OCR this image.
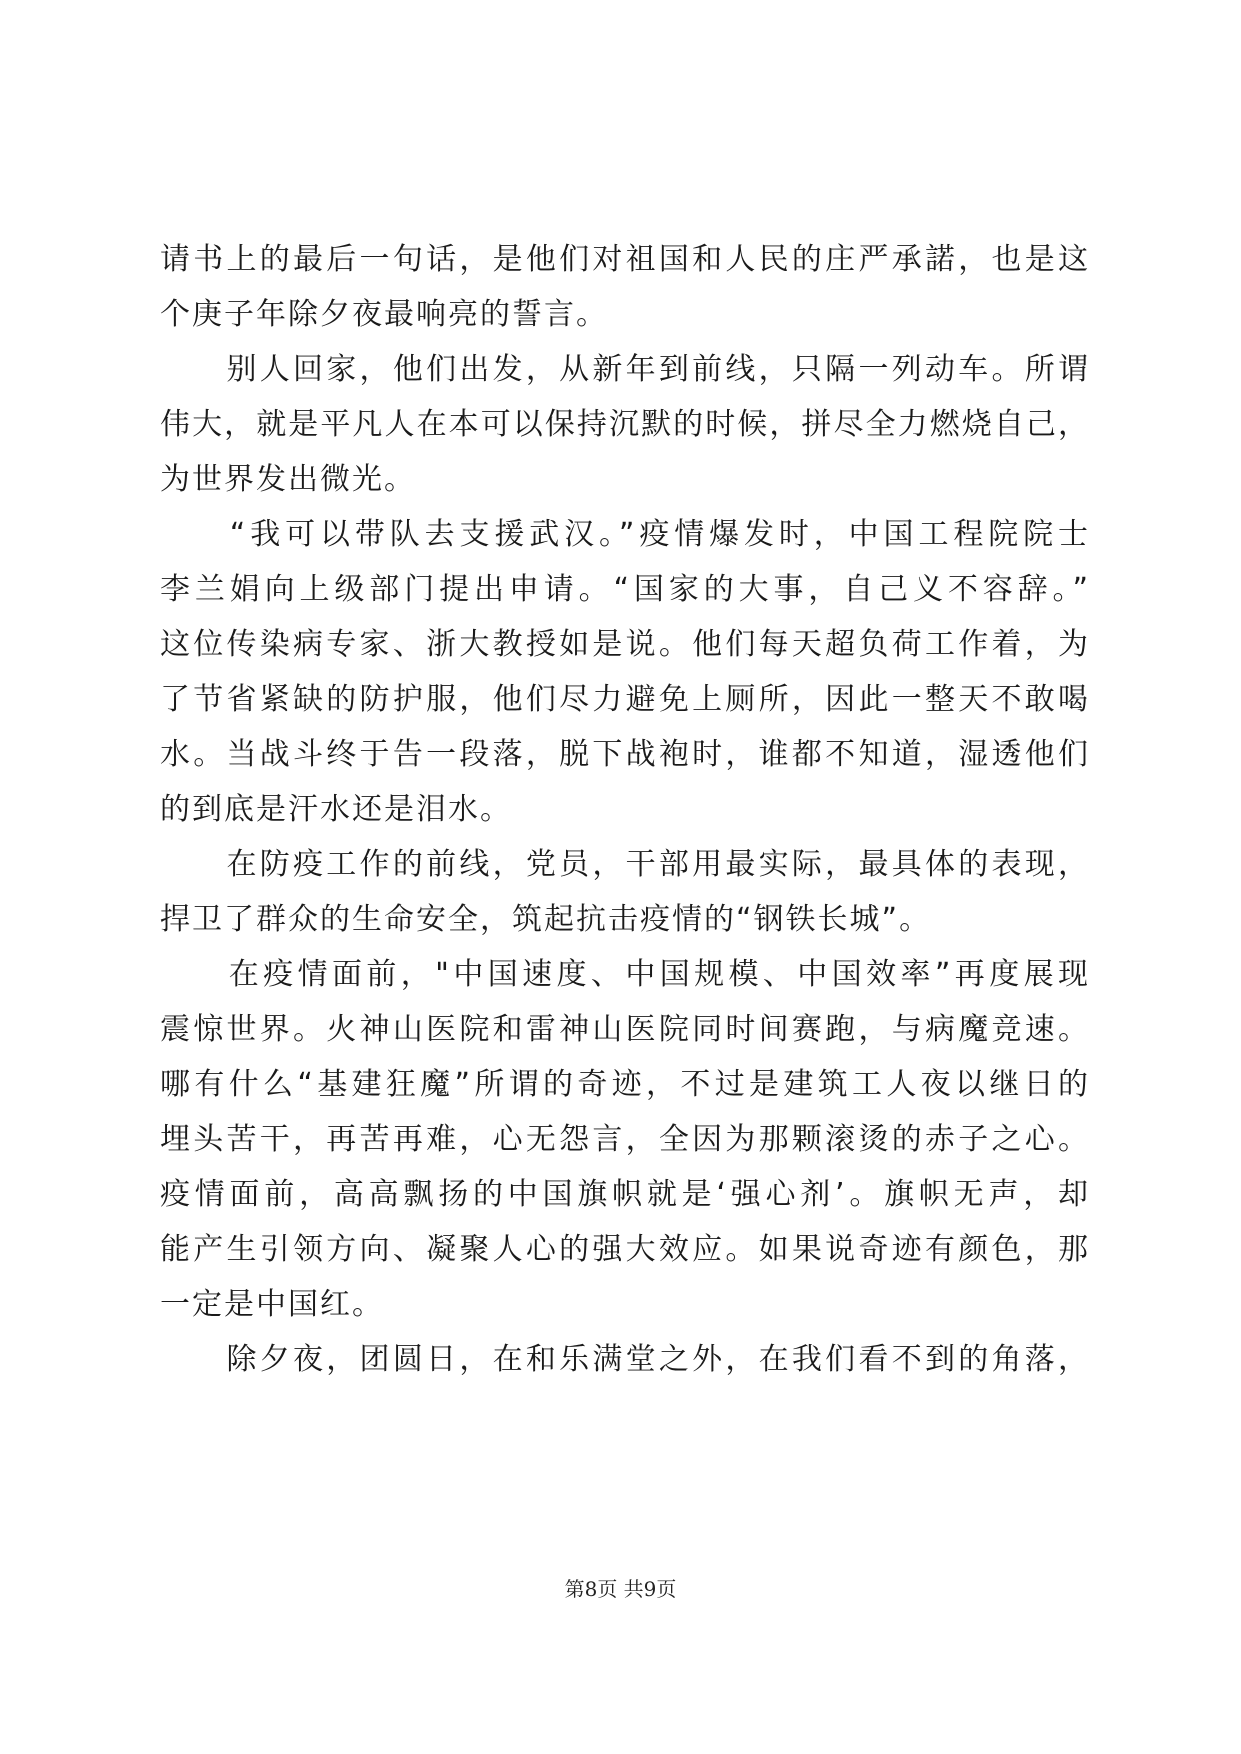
请书上的最后一句话，是他们对祖国和人民的庄严承諾，也是这
个庚子年除夕夜最响亮的誓言。
　　别人回家，他们出发，从新年到前线，只隔一列动车。所谓
伟大，就是平凡人在本可以保持沉默的时候，拼尽全力燃烧自己，
为世界发出微光。
　　“我可以带队去支援武汉。”疫情爆发时，中国工程院院士
李兰娟向上级部门提出申请。“国家的大事，自己义不容辞。”
这位传染病专家、浙大教授如是说。他们每天超负荷工作着，为
了节省紧缺的防护服，他们尽力避免上厕所，因此一整天不敢喝
水。当战斗终于告一段落，脱下战袍时，谁都不知道，湿透他们
的到底是汗水还是泪水。
　　在防疫工作的前线，党员，干部用最实际，最具体的表现，
捍卫了群众的生命安全，筑起抗击疫情的“钢铁长城”。
　　在疫情面前，"中国速度、中国规模、中国效率”再度展现
震惊世界。火神山医院和雷神山医院同时间赛跑，与病魔竞速。
哪有什么“基建狂魔”所谓的奇迹，不过是建筑工人夜以继日的
埋头苦干，再苦再难，心无怨言，全因为那颗滚烫的赤子之心。
疫情面前，高高飘扬的中国旗帜就是‘强心剂’。旗帜无声，却
能产生引领方向、凝聚人心的强大效应。如果说奇迹有颜色，那
一定是中国红。
　　除夕夜，团圆日，在和乐满堂之外，在我们看不到的角落，
第8页 共9页
